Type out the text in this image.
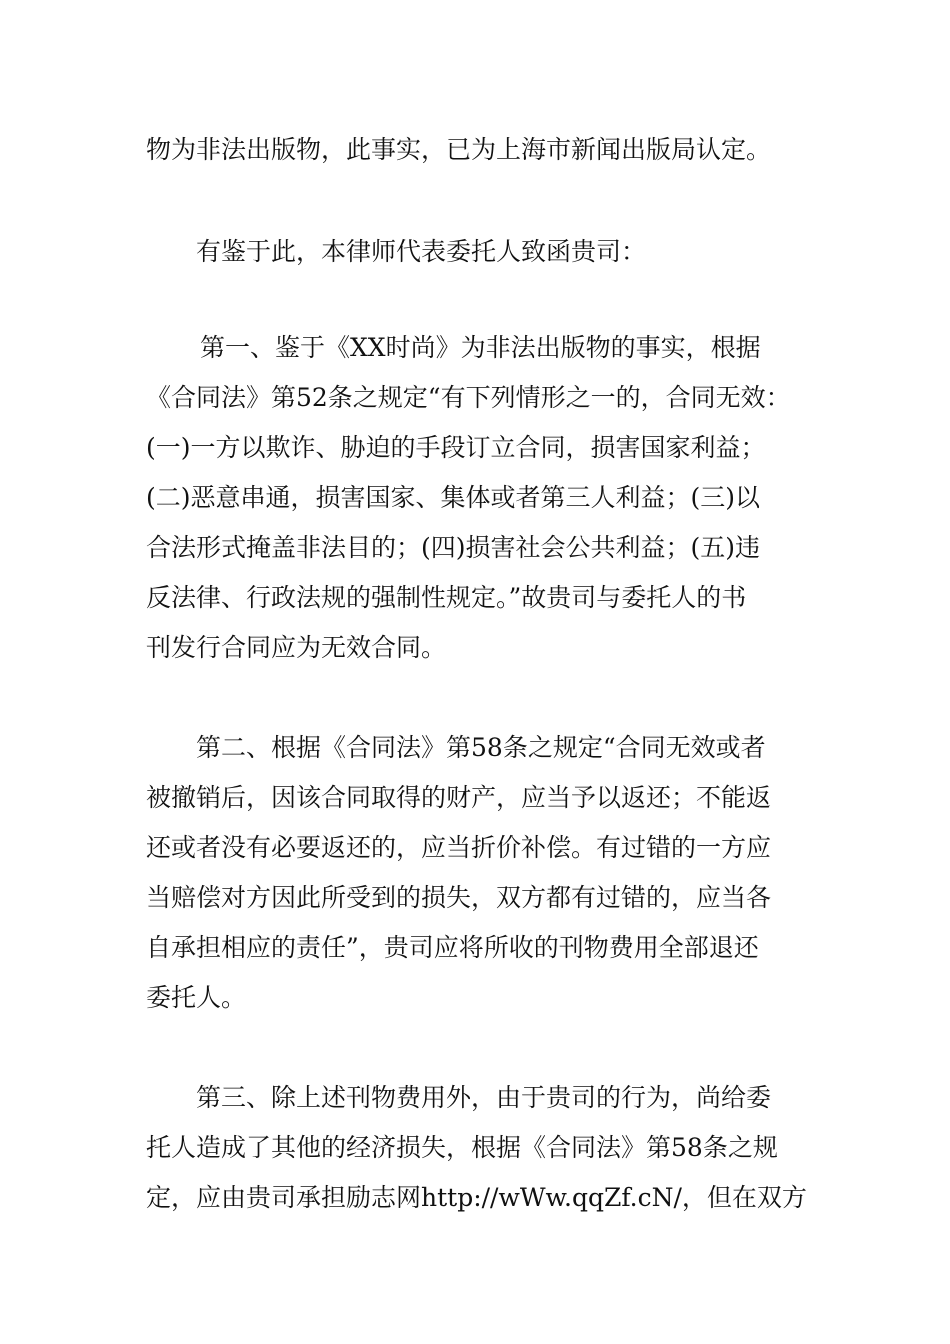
物为非法出版物，此事实，已为上海市新闻出版局认定。
有鉴于此，本律师代表委托人致函贵司：
第一、鉴于《XX时尚》为非法出版物的事实，根据
《合同法》第52条之规定“有下列情形之一的，合同无效：
(一)一方以欺诈、胁迫的手段订立合同，损害国家利益；
(二)恶意串通，损害国家、集体或者第三人利益；(三)以
合法形式掩盖非法目的；(四)损害社会公共利益；(五)违
反法律、行政法规的强制性规定。”故贵司与委托人的书
刊发行合同应为无效合同。
第二、根据《合同法》第58条之规定“合同无效或者
被撤销后，因该合同取得的财产，应当予以返还；不能返
还或者没有必要返还的，应当折价补偿。有过错的一方应
当赔偿对方因此所受到的损失，双方都有过错的，应当各
自承担相应的责任”，贵司应将所收的刊物费用全部退还
委托人。
第三、除上述刊物费用外，由于贵司的行为，尚给委
托人造成了其他的经济损失，根据《合同法》第58条之规
定，应由贵司承担励志网http://wWw.qqZf.cN/，但在双方
